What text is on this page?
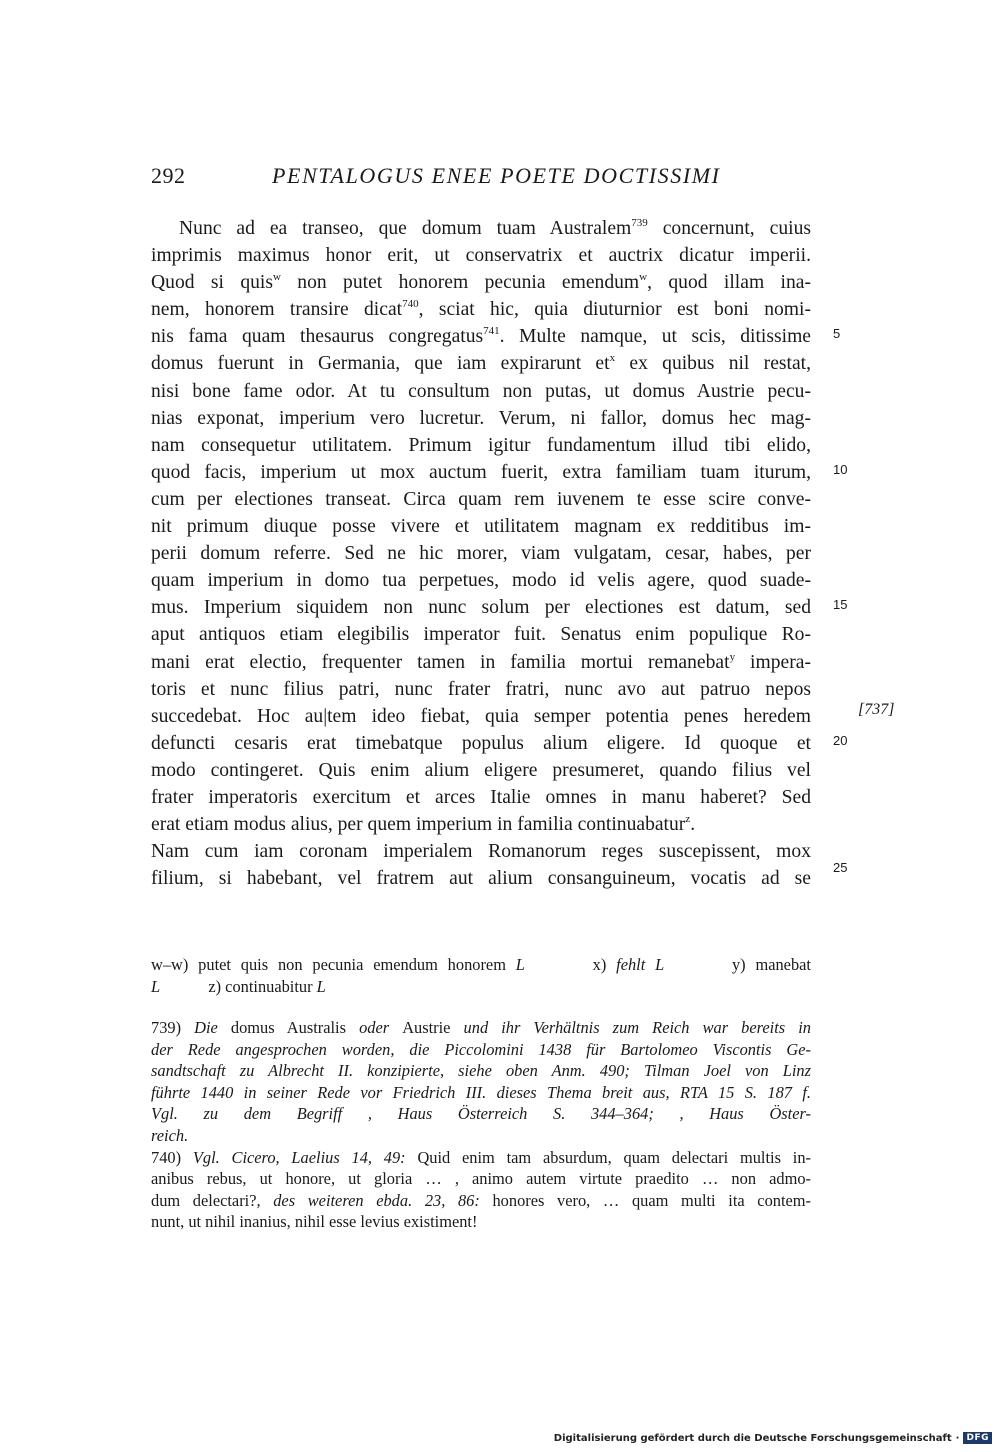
292	PENTALOGUS ENEE POETE DOCTISSIMI
Nunc ad ea transeo, que domum tuam Australem$^{739}$ concernunt, cuius
imprimis maximus honor erit, ut conservatrix et auctrix dicatur imperii.
Quod si quis$^w$ non putet honorem pecunia emendum$^w$, quod illam ina-
nem, honorem transire dicat$^{740}$, sciat hic, quia diuturnior est boni nomi-
nis fama quam thesaurus congregatus$^{741}$. Multe namque, ut scis, ditissime
domus fuerunt in Germania, que iam expirarunt $et^x$ ex quibus nil restat,
nisi bone fame odor. At tu consultum non putas, ut domus Austrie pecu-
nias exponat, imperium vero lucretur. Verum, ni fallor, domus hec mag-
nam consequetur utilitatem. Primum igitur fundamentum illud tibi elido,
quod facis, imperium ut mox auctum fuerit, extra familiam tuam iturum,
cum per electiones transeat. Circa quam rem iuvenem te esse scire conve-
nit primum diuque posse vivere et utilitatem magnam ex redditibus im-
perii domum referre. Sed ne hic morer, viam vulgatam, cesar, habes, per
quam imperium in domo tua perpetues, modo id velis agere, quod suade-
mus. Imperium siquidem non nunc solum per electiones est datum, sed
aput antiquos etiam elegibilis imperator fuit. Senatus enim populique Ro-
mani erat electio, frequenter tamen in familia mortui remanebat$^y$ impera-
toris et nunc filius patri, nunc frater fratri, nunc avo aut patruo nepos
succedebat. Hoc au|tem ideo fiebat, quia semper potentia penes heredem
defuncti cesaris erat timebatque populus alium eligere. Id quoque et
modo contingeret. Quis enim alium eligere presumeret, quando filius vel
frater imperatoris exercitum et arces Italie omnes in manu haberet? Sed
erat etiam modus alius, per quem imperium in familia continuabatur$^z$.
Nam cum iam coronam imperialem Romanorum reges suscepissent, mox
filium, si habebant, vel fratrem aut alium consanguineum, vocatis ad se
5
10
15
20
25
[737]
w–w) putet quis non pecunia emendum honorem L	x) fehlt L	y) manebat
L	z) continuabitur L
739) Die domus Australis oder Austrie und ihr Verhältnis zum Reich war bereits in
der Rede angesprochen worden, die Piccolomini 1438 für Bartolomeo Viscontis Ge-
sandtschaft zu Albrecht II. konzipierte, siehe oben Anm. 490; Tilman Joel von Linz
führte 1440 in seiner Rede vor Friedrich III. dieses Thema breit aus, RTA 15 S. 187 f.
Vgl. zu dem Begriff , Haus Österreich S. 344–364; , Haus Öster-
reich.
740) Vgl. Cicero, Laelius 14, 49: Quid enim tam absurdum, quam delectari multis in-
anibus rebus, ut honore, ut gloria … , animo autem virtute praedito … non admo-
dum delectari?, des weiteren ebda. 23, 86: honores vero, … quam multi ita contem-
nunt, ut nihil inanius, nihil esse levius existiment!
Digitalisierung gefördert durch die Deutsche Forschungsgemeinschaft · DFG
